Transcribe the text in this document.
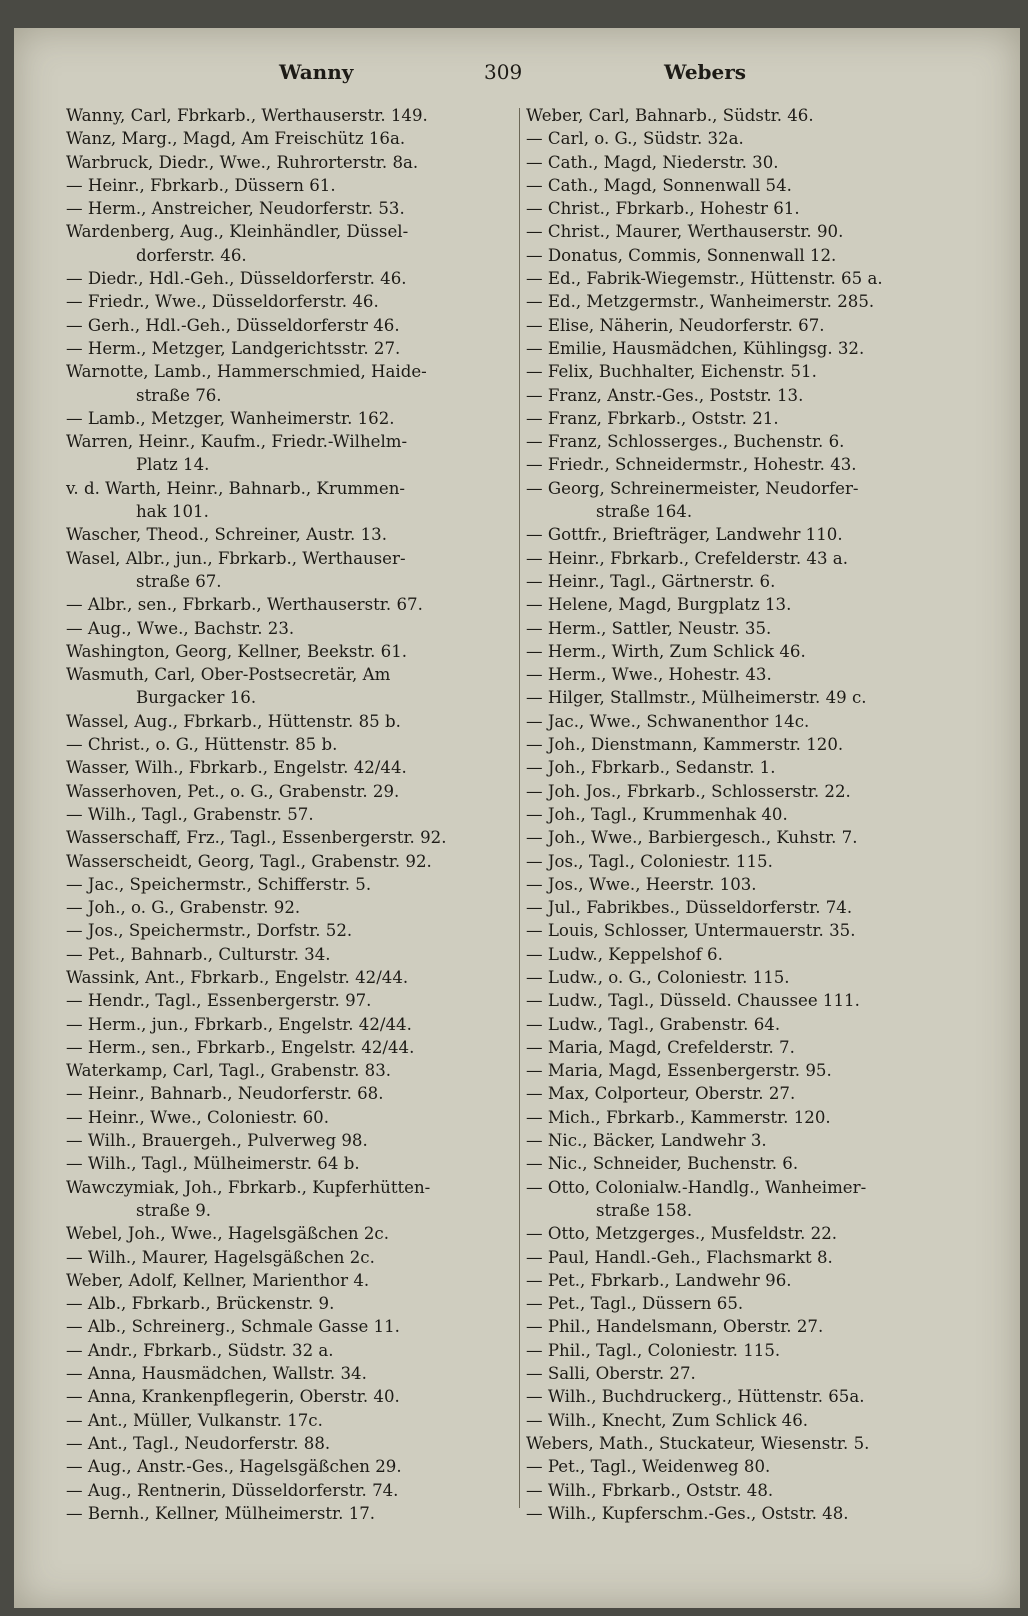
Wanny	309	Webers
Wanny, Carl, Fbrkarb., Werthauserstr. 149.
Wanz, Marg., Magd, Am Freischütz 16a.
Warbruck, Diedr., Wwe., Ruhrorterstr. 8a.
— Heinr., Fbrkarb., Düssern 61.
— Herm., Anstreicher, Neudorferstr. 53.
Wardenberg, Aug., Kleinhändler, Düssel-
dorferstr. 46.
— Diedr., Hdl.-Geh., Düsseldorferstr. 46.
— Friedr., Wwe., Düsseldorferstr. 46.
— Gerh., Hdl.-Geh., Düsseldorferstr 46.
— Herm., Metzger, Landgerichtsstr. 27.
Warnotte, Lamb., Hammerschmied, Haide-
straße 76.
— Lamb., Metzger, Wanheimerstr. 162.
Warren, Heinr., Kaufm., Friedr.-Wilhelm-
Platz 14.
v. d. Warth, Heinr., Bahnarb., Krummen-
hak 101.
Wascher, Theod., Schreiner, Austr. 13.
Wasel, Albr., jun., Fbrkarb., Werthauser-
straße 67.
— Albr., sen., Fbrkarb., Werthauserstr. 67.
— Aug., Wwe., Bachstr. 23.
Washington, Georg, Kellner, Beekstr. 61.
Wasmuth, Carl, Ober-Postsecretär, Am
Burgacker 16.
Wassel, Aug., Fbrkarb., Hüttenstr. 85 b.
— Christ., o. G., Hüttenstr. 85 b.
Wasser, Wilh., Fbrkarb., Engelstr. 42/44.
Wasserhoven, Pet., o. G., Grabenstr. 29.
— Wilh., Tagl., Grabenstr. 57.
Wasserschaff, Frz., Tagl., Essenbergerstr. 92.
Wasserscheidt, Georg, Tagl., Grabenstr. 92.
— Jac., Speichermstr., Schifferstr. 5.
— Joh., o. G., Grabenstr. 92.
— Jos., Speichermstr., Dorfstr. 52.
— Pet., Bahnarb., Culturstr. 34.
Wassink, Ant., Fbrkarb., Engelstr. 42/44.
— Hendr., Tagl., Essenbergerstr. 97.
— Herm., jun., Fbrkarb., Engelstr. 42/44.
— Herm., sen., Fbrkarb., Engelstr. 42/44.
Waterkamp, Carl, Tagl., Grabenstr. 83.
— Heinr., Bahnarb., Neudorferstr. 68.
— Heinr., Wwe., Coloniestr. 60.
— Wilh., Brauergeh., Pulverweg 98.
— Wilh., Tagl., Mülheimerstr. 64 b.
Wawczymiak, Joh., Fbrkarb., Kupferhütten-
straße 9.
Webel, Joh., Wwe., Hagelsgäßchen 2c.
— Wilh., Maurer, Hagelsgäßchen 2c.
Weber, Adolf, Kellner, Marienthor 4.
— Alb., Fbrkarb., Brückenstr. 9.
— Alb., Schreinerg., Schmale Gasse 11.
— Andr., Fbrkarb., Südstr. 32 a.
— Anna, Hausmädchen, Wallstr. 34.
— Anna, Krankenpflegerin, Oberstr. 40.
— Ant., Müller, Vulkanstr. 17c.
— Ant., Tagl., Neudorferstr. 88.
— Aug., Anstr.-Ges., Hagelsgäßchen 29.
— Aug., Rentnerin, Düsseldorferstr. 74.
— Bernh., Kellner, Mülheimerstr. 17.
Weber, Carl, Bahnarb., Südstr. 46.
— Carl, o. G., Südstr. 32a.
— Cath., Magd, Niederstr. 30.
— Cath., Magd, Sonnenwall 54.
— Christ., Fbrkarb., Hohestr 61.
— Christ., Maurer, Werthauserstr. 90.
— Donatus, Commis, Sonnenwall 12.
— Ed., Fabrik-Wiegemstr., Hüttenstr. 65 a.
— Ed., Metzgermstr., Wanheimerstr. 285.
— Elise, Näherin, Neudorferstr. 67.
— Emilie, Hausmädchen, Kühlingsg. 32.
— Felix, Buchhalter, Eichenstr. 51.
— Franz, Anstr.-Ges., Poststr. 13.
— Franz, Fbrkarb., Oststr. 21.
— Franz, Schlosserges., Buchenstr. 6.
— Friedr., Schneidermstr., Hohestr. 43.
— Georg, Schreinermeister, Neudorfer-
straße 164.
— Gottfr., Briefträger, Landwehr 110.
— Heinr., Fbrkarb., Crefelderstr. 43 a.
— Heinr., Tagl., Gärtnerstr. 6.
— Helene, Magd, Burgplatz 13.
— Herm., Sattler, Neustr. 35.
— Herm., Wirth, Zum Schlick 46.
— Herm., Wwe., Hohestr. 43.
— Hilger, Stallmstr., Mülheimerstr. 49 c.
— Jac., Wwe., Schwanenthor 14c.
— Joh., Dienstmann, Kammerstr. 120.
— Joh., Fbrkarb., Sedanstr. 1.
— Joh. Jos., Fbrkarb., Schlosserstr. 22.
— Joh., Tagl., Krummenhak 40.
— Joh., Wwe., Barbiergesch., Kuhstr. 7.
— Jos., Tagl., Coloniestr. 115.
— Jos., Wwe., Heerstr. 103.
— Jul., Fabrikbes., Düsseldorferstr. 74.
— Louis, Schlosser, Untermauerstr. 35.
— Ludw., Keppelshof 6.
— Ludw., o. G., Coloniestr. 115.
— Ludw., Tagl., Düsseld. Chaussee 111.
— Ludw., Tagl., Grabenstr. 64.
— Maria, Magd, Crefelderstr. 7.
— Maria, Magd, Essenbergerstr. 95.
— Max, Colporteur, Oberstr. 27.
— Mich., Fbrkarb., Kammerstr. 120.
— Nic., Bäcker, Landwehr 3.
— Nic., Schneider, Buchenstr. 6.
— Otto, Colonialw.-Handlg., Wanheimer-
straße 158.
— Otto, Metzgerges., Musfeldstr. 22.
— Paul, Handl.-Geh., Flachsmarkt 8.
— Pet., Fbrkarb., Landwehr 96.
— Pet., Tagl., Düssern 65.
— Phil., Handelsmann, Oberstr. 27.
— Phil., Tagl., Coloniestr. 115.
— Salli, Oberstr. 27.
— Wilh., Buchdruckerg., Hüttenstr. 65a.
— Wilh., Knecht, Zum Schlick 46.
Webers, Math., Stuckateur, Wiesenstr. 5.
— Pet., Tagl., Weidenweg 80.
— Wilh., Fbrkarb., Oststr. 48.
— Wilh., Kupferschm.-Ges., Oststr. 48.
